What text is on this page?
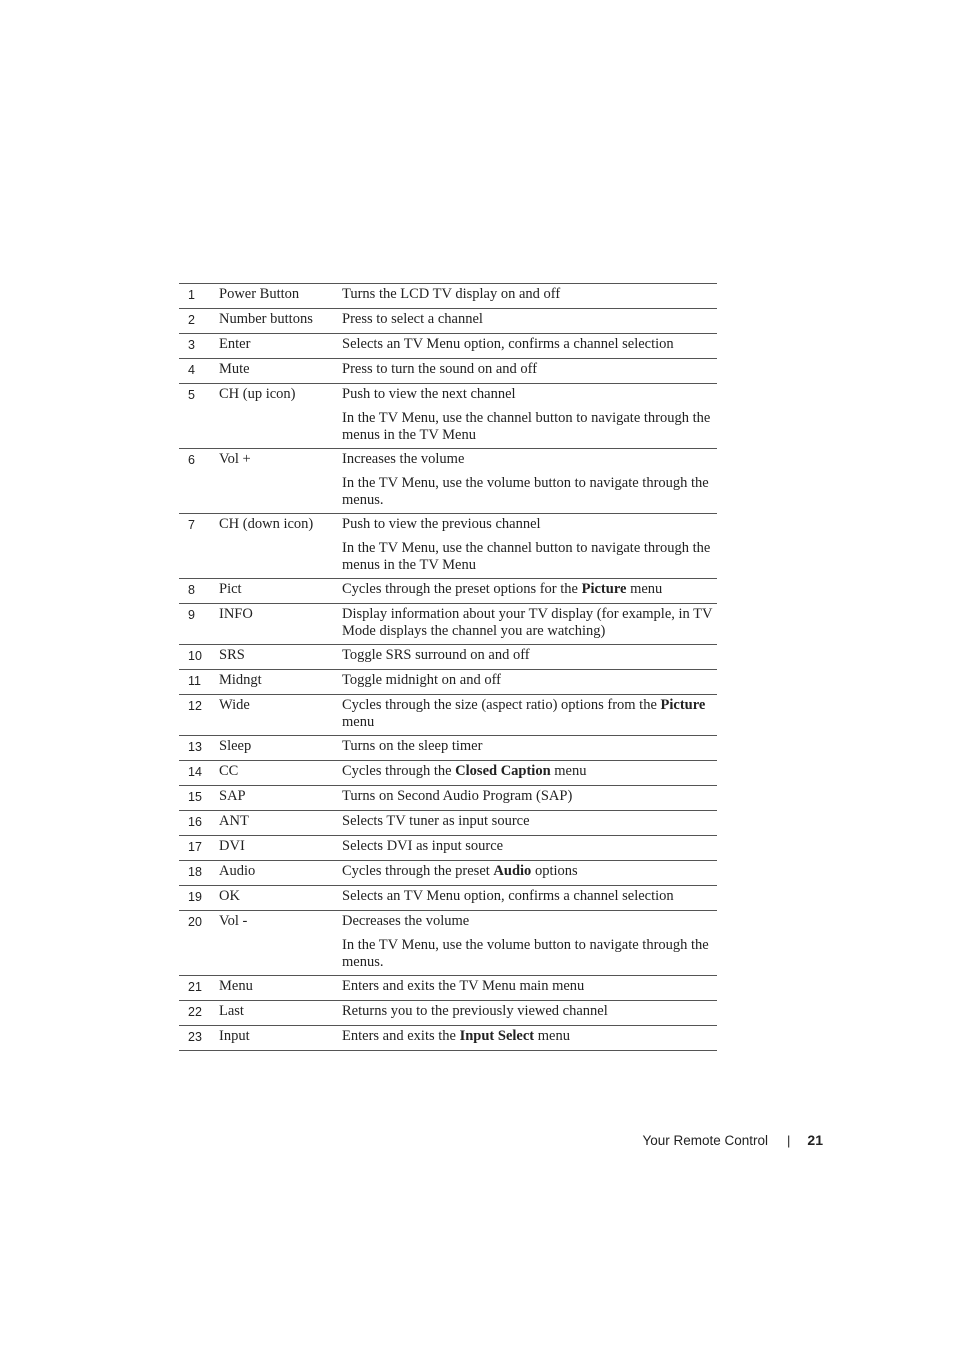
1	Power Button	Turns the LCD TV display on and off

2	Number buttons	Press to select a channel

3	Enter	Selects an TV Menu option, confirms a channel selection

4	Mute	Press to turn the sound on and off

5	CH (up icon)	Push to view the next channel

In the TV Menu, use the channel button to navigate through the menus in the TV Menu

6	Vol +	Increases the volume

In the TV Menu, use the volume button to navigate through the menus.

7	CH (down icon)	Push to view the previous channel

In the TV Menu, use the channel button to navigate through the menus in the TV Menu

8	Pict	Cycles through the preset options for the Picture menu

9	INFO	Display information about your TV display (for example, in TV Mode displays the channel you are watching)

10	SRS	Toggle SRS surround on and off

11	Midngt	Toggle midnight on and off

12	Wide	Cycles through the size (aspect ratio) options from the Picture menu

13	Sleep	Turns on the sleep timer

14	CC	Cycles through the Closed Caption menu

15	SAP	Turns on Second Audio Program (SAP)

16	ANT	Selects TV tuner as input source

17	DVI	Selects DVI as input source

18	Audio	Cycles through the preset Audio options

19	OK	Selects an TV Menu option, confirms a channel selection

20	Vol -	Decreases the volume

In the TV Menu, use the volume button to navigate through the menus.

21	Menu	Enters and exits the TV Menu main menu

22	Last	Returns you to the previously viewed channel

23	Input	Enters and exits the Input Select menu

Your Remote Control | 21
